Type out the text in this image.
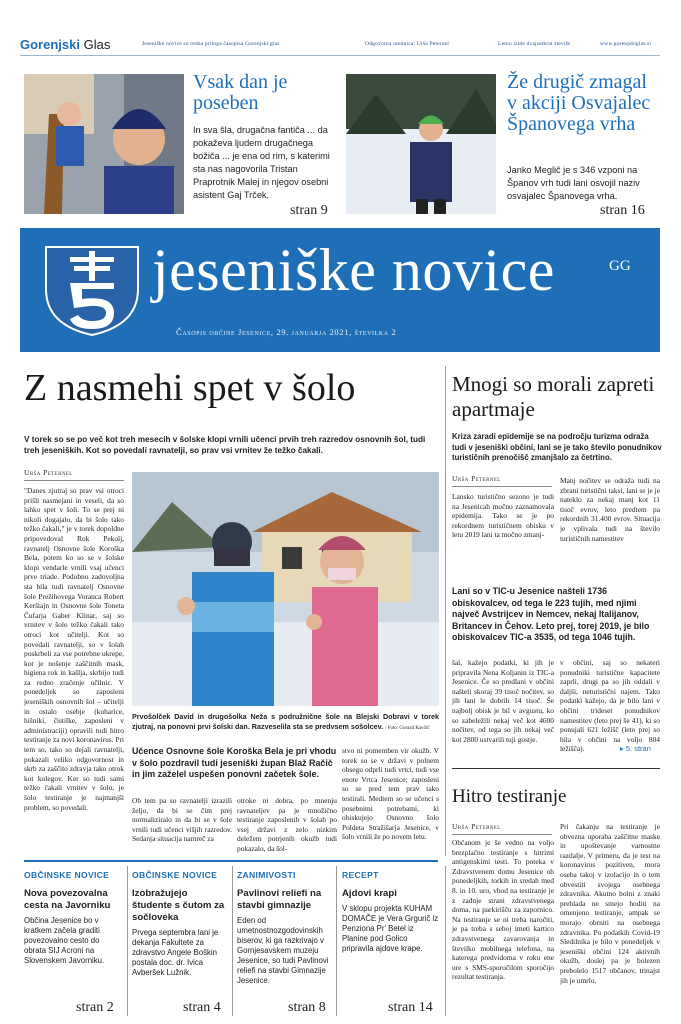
Gorenjski Glas	Jeseniške novice so redna priloga časopisa Gorenjski glas	Odgovorna urednica: Urša Peternel	Letno izide dvajsetkrat številk	www.gorenjskiglas.si
Vsak dan je poseben
In sva šla, drugačna fantiča ... da pokaževa ljudem drugačnega božiča ... je ena od rim, s katerimi sta nas nagovorila Tristan Praprotnik Malej in njegov osebni asistent Gaj Trček.
stran 9
Že drugič zmagal v akciji Osvajalec Španovega vrha
Janko Meglič je s 346 vzponi na Španov vrh tudi lani osvojil naziv osvajalec Španovega vrha.
stran 16
jeseniške novice	GG
Časopis občine Jesenice, 29. januarja 2021, številka 2
Z nasmehi spet v šolo
V torek so se po več kot treh mesecih v šolske klopi vrnili učenci prvih treh razredov osnovnih šol, tudi treh jeseniških. Kot so povedali ravnatelji, so prav vsi vrnitev že težko čakali.
Urša Peternel
"Danes zjutraj so prav vsi otroci prišli nasmejani in veseli, da so lahko spet v šoli. To se prej ni nikoli dogajalo, da bi šolo tako težko čakali," je v torek dopoldne pripovedoval Rok Pekolj, ravnatelj Osnovne šole Koroška Bela, potem ko so se v šolske klopi vendarle vrnili vsaj učenci prve triade. Podobno zadovoljna sta bila tudi ravnatelj Osnovne šole Prežihovega Voranca Robert Kerštajn in Osnovne šole Toneta Čufarja Gaber Klinar, saj so vrnitev v šolo težko čakali tako otroci kot učitelji. Kot so povedali ravnatelji, so v šolah poskrbeli za vse potrebne ukrepe, kot je nošenje zaščitnih mask, higiena rok in kašlja, skrbijo tudi za redno zračenje učilnic. V ponedeljek so zaposleni jeseniških osnovnih šol – učitelji in ostalo osebje (kuharice, hišniki, čistilke, zaposleni v administraciji) opravili tudi hitro testiranje za novi koronavirus. Pri tem so, tako so dejali ravnatelji, pokazali veliko odgovornost in skrb za zaščito zdravja tako otrok kot kolegov. Ker so tudi sami težko čakali vrnitev v šolo, je šolo testiranje je najmanjši problem, so povedali.
Prvošolček David in drugošolka Neža s podružnične šole na Blejski Dobravi v torek zjutraj, na ponovni prvi šolski dan. Razveselila sta se predvsem sošolcev. / Foto: Gorazd Kavčič
Učence Osnovne šole Koroška Bela je pri vhodu v šolo pozdravil tudi jeseniški župan Blaž Račič in jim zaželel uspešen ponovni začetek šole.
Ob tem pa so ravnatelji izrazili željo, da bi se čim prej normaliziralo in da bi se v šole vrnili tudi učenci višjih razredov. Sedanja situacija namreč za
otroke ni dobra, po mnenju ravnateljev pa je množično testiranje zaposlenih v šolah po vsej državi z zelo nizkim deležem potrjenih okužb tudi pokazalo, da šol-
stvo ni pomemben vir okužb. V torek so se v državi v polnem obsegu odprli tudi vrtci, tudi vse enote Vrtca Jesenice; zaposleni so se pred tem prav tako testirali. Medtem so se učenci s posebnimi potrebami, ki obiskujejo Osnovno šolo Poldeta Stražišarja Jesenice, v šolo vrnili že po novem letu.
Mnogi so morali zapreti apartmaje
Kriza zaradi epidemije se na področju turizma odraža tudi v jeseniški občini, lani se je tako število ponudnikov turističnih prenočišč zmanjšalo za četrtino.
Urša Peternel
Lansko turistično sezono je tudi na Jesenicah močno zaznamovala epidemija. Tako se je po rekordnem turističnem obisku v letu 2019 lani ta močno zmanj-
Manj nočitev se odraža tudi na zbrani turistični taksi, lani se je je nateklo za nekaj manj kot 11 tisoč evrov, leto predtem pa rekordnih 31.400 evrov. Situacija je vplivala tudi na število turističnih namestitev
Lani so v TIC-u Jesenice našteli 1736 obiskovalcev, od tega le 223 tujih, med njimi največ Avstrijcev in Nemcev, nekaj Italijanov, Britancev in Čehov. Leto prej, torej 2019, je bilo obiskovalcev TIC-a 3535, od tega 1046 tujih.
šal, kažejo podatki, ki jih je pripravila Nena Koljanin iz TIC-a Jesenice. Če so predlani v občini našteli skoraj 39 tisoč nočitev, so jih lani le dobrih 14 tisoč. Še najbolj obisk je bil v avgustu, ko so zabeležili nekaj več kot 4600 nočitev, od tega so jih nekaj več kot 2800 ustvarili tuji gostje.
v občini, saj so nekateri ponudniki turistične kapacitete zaprli, drugi pa so jih oddali v daljši, neturistični najem. Tako podatki kažejo, da je bilo lani v občini trideset ponudnikov namestitev (leto prej še 41), ki so ponujali 621 ležišč (leto prej so bila v občini na voljo 804 ležišča).	▸ 5. stran
Hitro testiranje
Urša Peternel
Občanom je še vedno na voljo brezplačno testiranje s hitrimi antigenskimi testi. To poteka v Zdravstvenem domu Jesenice ob ponedeljkih, torkih in sredah med 8. in 10. uro, vhod na testiranje je z zadnje strani zdravstvenega doma, na parkirišču za zapornico. Na testiranje se ni treba naročiti, je pa treba s seboj imeti kartico zdravstvenega zavarovanja in številko mobilnega telefona, na katerega predvidoma v roku ene ure s SMS-sporočilom sporočijo rezultat testiranja.
Pri čakanju na testiranje je obvezna uporaba zaščitne maske in upoštevanje varnostne razdalje. V primeru, da je test na koronavirus pozitiven, mora oseba takoj v izolacijo in o tem obvestiti svojega osebnega zdravnika. Akutno bolni z znaki prehlada ne smejo hoditi na omenjeno testiranje, ampak se morajo obrniti na osebnega zdravnika. Po podatkih Covid-19 Sledilnika je bilo v ponedeljek v jeseniški občini 124 aktivnih okužb, doslej pa je bolezen prebolelo 1517 občanov, trinajst jih je umrlo.
OBČINSKE NOVICE
Nova povezovalna cesta na Javorniku
Občina Jesenice bo v kratkem začela graditi povezovalno cesto do obrata SIJ Acroni na Slovenskem Javorniku.
stran 2
OBČINSKE NOVICE
Izobražujejo študente s čutom za sočloveka
Prvega septembra lani je dekanja Fakultete za zdravstvo Angele Boškin postala doc. dr. Ivica Avberšek Lužnik.
stran 4
ZANIMIVOSTI
Pavlinovi reliefi na stavbi gimnazije
Eden od umetnostnozgodovinskih biserov, ki ga razkrivajo v Gornjesavskem muzeju Jesenice, so tudi Pavlinovi reliefi na stavbi Gimnazije Jesenice.
stran 8
RECEPT
Ajdovi krapi
V sklopu projekta KUHAM DOMAČE je Vera Grgurič iz Penziona Pr' Betel iz Planine pod Golico pripravila ajdove krape.
stran 14
